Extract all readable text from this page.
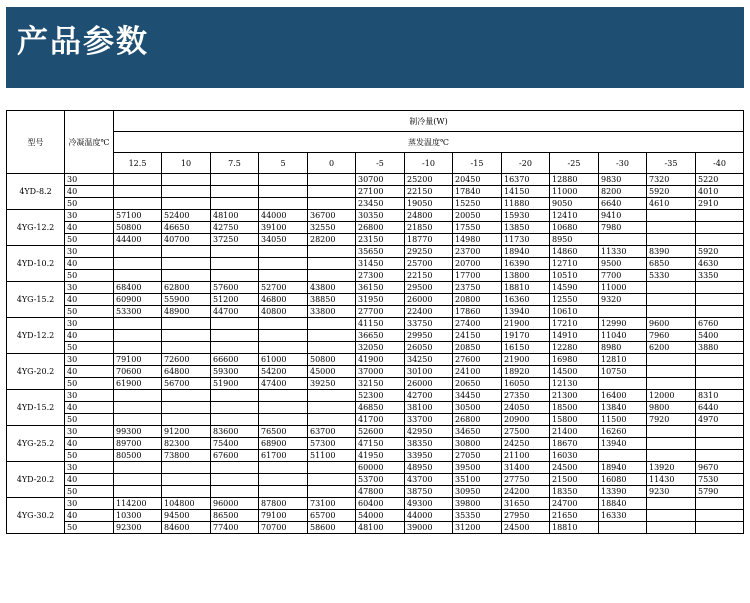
产品参数
型号	冷凝温度℃	制冷量(W)												
		蒸发温度℃												
		12.5	10	7.5	5	0	-5	-10	-15	-20	-25	-30	-35	-40
4YD-8.2	30						30700	25200	20450	16370	12880	9830	7320	5220
	40						27100	22150	17840	14150	11000	8200	5920	4010
	50						23450	19050	15250	11880	9050	6640	4610	2910
4YG-12.2	30	57100	52400	48100	44000	36700	30350	24800	20050	15930	12410	9410		
	40	50800	46650	42750	39100	32550	26800	21850	17550	13850	10680	7980		
	50	44400	40700	37250	34050	28200	23150	18770	14980	11730	8950			
4YD-10.2	30						35650	29250	23700	18940	14860	11330	8390	5920
	40						31450	25700	20700	16390	12710	9500	6850	4630
	50						27300	22150	17700	13800	10510	7700	5330	3350
4YG-15.2	30	68400	62800	57600	52700	43800	36150	29500	23750	18810	14590	11000		
	40	60900	55900	51200	46800	38850	31950	26000	20800	16360	12550	9320		
	50	53300	48900	44700	40800	33800	27700	22400	17860	13940	10610			
4YD-12.2	30						41150	33750	27400	21900	17210	12990	9600	6760
	40						36650	29950	24150	19170	14910	11040	7960	5400
	50						32050	26050	20850	16150	12280	8980	6200	3880
4YG-20.2	30	79100	72600	66600	61000	50800	41900	34250	27600	21900	16980	12810		
	40	70600	64800	59300	54200	45000	37000	30100	24100	18920	14500	10750		
	50	61900	56700	51900	47400	39250	32150	26000	20650	16050	12130			
4YD-15.2	30						52300	42700	34450	27350	21300	16400	12000	8310
	40						46850	38100	30500	24050	18500	13840	9800	6440
	50						41700	33700	26800	20900	15800	11500	7920	4970
4YG-25.2	30	99300	91200	83600	76500	63700	52600	42950	34650	27500	21400	16260		
	40	89700	82300	75400	68900	57300	47150	38350	30800	24250	18670	13940		
	50	80500	73800	67600	61700	51100	41950	33950	27050	21100	16030			
4YD-20.2	30						60000	48950	39500	31400	24500	18940	13920	9670
	40						53700	43700	35100	27750	21500	16080	11430	7530
	50						47800	38750	30950	24200	18350	13390	9230	5790
4YG-30.2	30	114200	104800	96000	87800	73100	60400	49300	39800	31650	24700	18840		
	40	10300	94500	86500	79100	65700	54000	44000	35350	27950	21650	16330		
	50	92300	84600	77400	70700	58600	48100	39000	31200	24500	18810			
